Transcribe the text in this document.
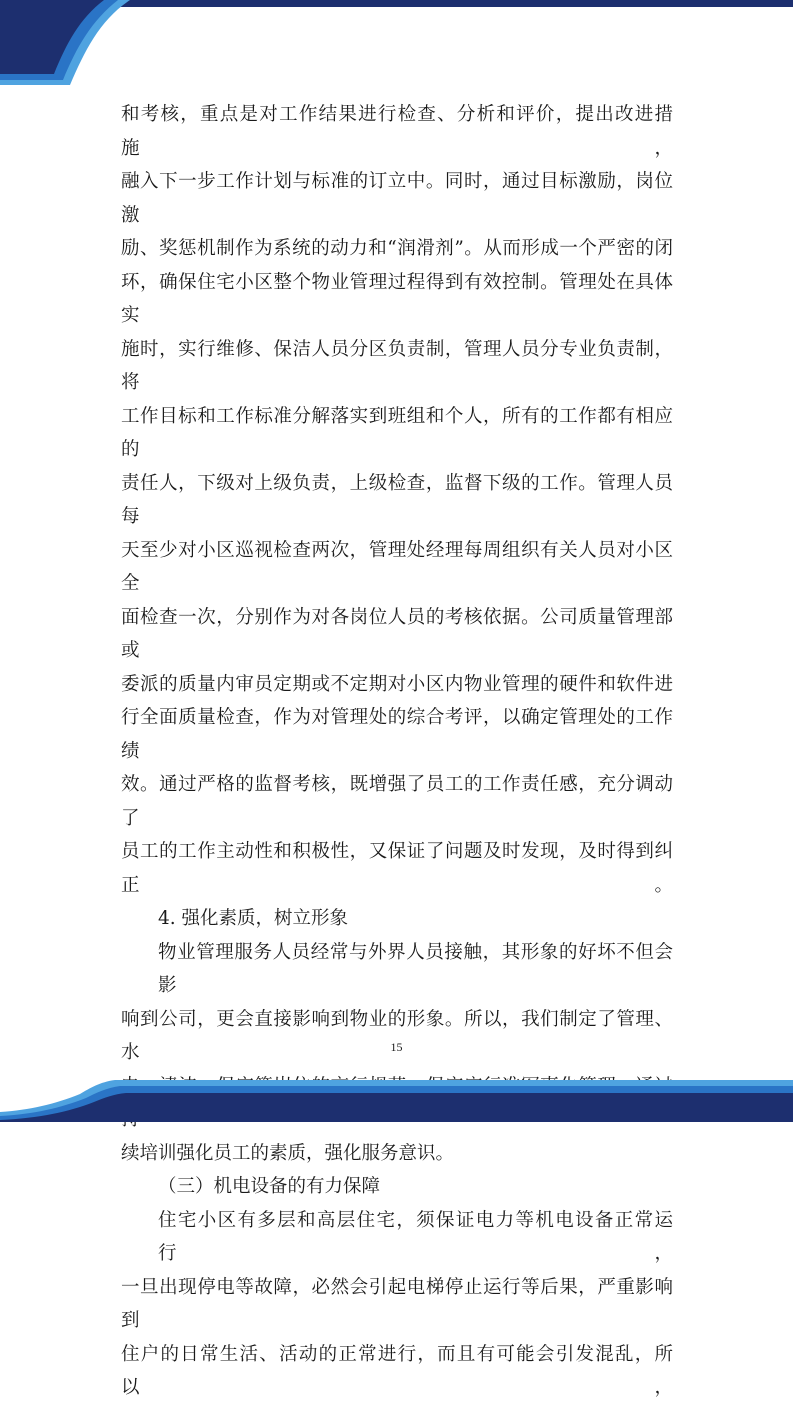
和考核，重点是对工作结果进行检查、分析和评价，提出改进措施，
融入下一步工作计划与标准的订立中。同时，通过目标激励，岗位激
励、奖惩机制作为系统的动力和“润滑剂”。从而形成一个严密的闭
环，确保住宅小区整个物业管理过程得到有效控制。管理处在具体实
施时，实行维修、保洁人员分区负责制，管理人员分专业负责制，将
工作目标和工作标准分解落实到班组和个人，所有的工作都有相应的
责任人，下级对上级负责，上级检查，监督下级的工作。管理人员每
天至少对小区巡视检查两次，管理处经理每周组织有关人员对小区全
面检查一次，分别作为对各岗位人员的考核依据。公司质量管理部或
委派的质量内审员定期或不定期对小区内物业管理的硬件和软件进
行全面质量检查，作为对管理处的综合考评，以确定管理处的工作绩
效。通过严格的监督考核，既增强了员工的工作责任感，充分调动了
员工的工作主动性和积极性，又保证了问题及时发现，及时得到纠正。
4. 强化素质，树立形象
物业管理服务人员经常与外界人员接触，其形象的好坏不但会影
响到公司，更会直接影响到物业的形象。所以，我们制定了管理、水
续培训强化员工的素质，强化服务意识。
（三）机电设备的有力保障
住宅小区有多层和高层住宅，须保证电力等机电设备正常运行，
一旦出现停电等故障，必然会引起电梯停止运行等后果，严重影响到
住户的日常生活、活动的正常进行，而且有可能会引发混乱，所以，
15
